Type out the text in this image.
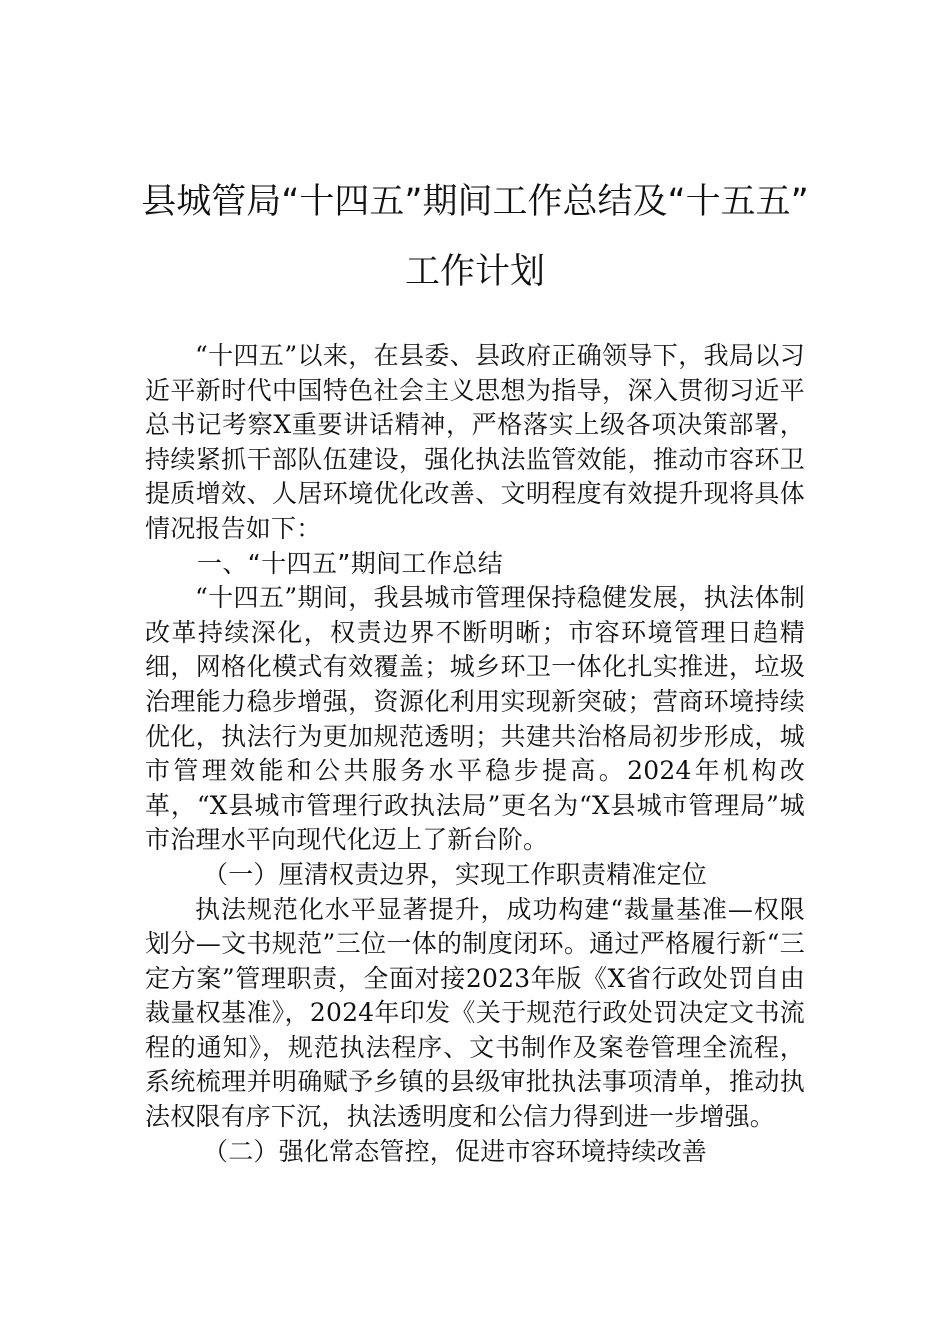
县城管局“十四五”期间工作总结及“十五五”
工作计划

“十四五”以来，在县委、县政府正确领导下，我局以习近平新时代中国特色社会主义思想为指导，深入贯彻习近平总书记考察X重要讲话精神，严格落实上级各项决策部署，持续紧抓干部队伍建设，强化执法监管效能，推动市容环卫提质增效、人居环境优化改善、文明程度有效提升现将具体情况报告如下：

一、“十四五”期间工作总结

“十四五”期间，我县城市管理保持稳健发展，执法体制改革持续深化，权责边界不断明晰；市容环境管理日趋精细，网格化模式有效覆盖；城乡环卫一体化扎实推进，垃圾治理能力稳步增强，资源化利用实现新突破；营商环境持续优化，执法行为更加规范透明；共建共治格局初步形成，城市管理效能和公共服务水平稳步提高。2024年机构改革，“X县城市管理行政执法局”更名为“X县城市管理局”城市治理水平向现代化迈上了新台阶。

（一）厘清权责边界，实现工作职责精准定位

执法规范化水平显著提升，成功构建“裁量基准—权限划分—文书规范”三位一体的制度闭环。通过严格履行新“三定方案”管理职责，全面对接2023年版《X省行政处罚自由裁量权基准》，2024年印发《关于规范行政处罚决定文书流程的通知》，规范执法程序、文书制作及案卷管理全流程，系统梳理并明确赋予乡镇的县级审批执法事项清单，推动执法权限有序下沉，执法透明度和公信力得到进一步增强。

（二）强化常态管控，促进市容环境持续改善
